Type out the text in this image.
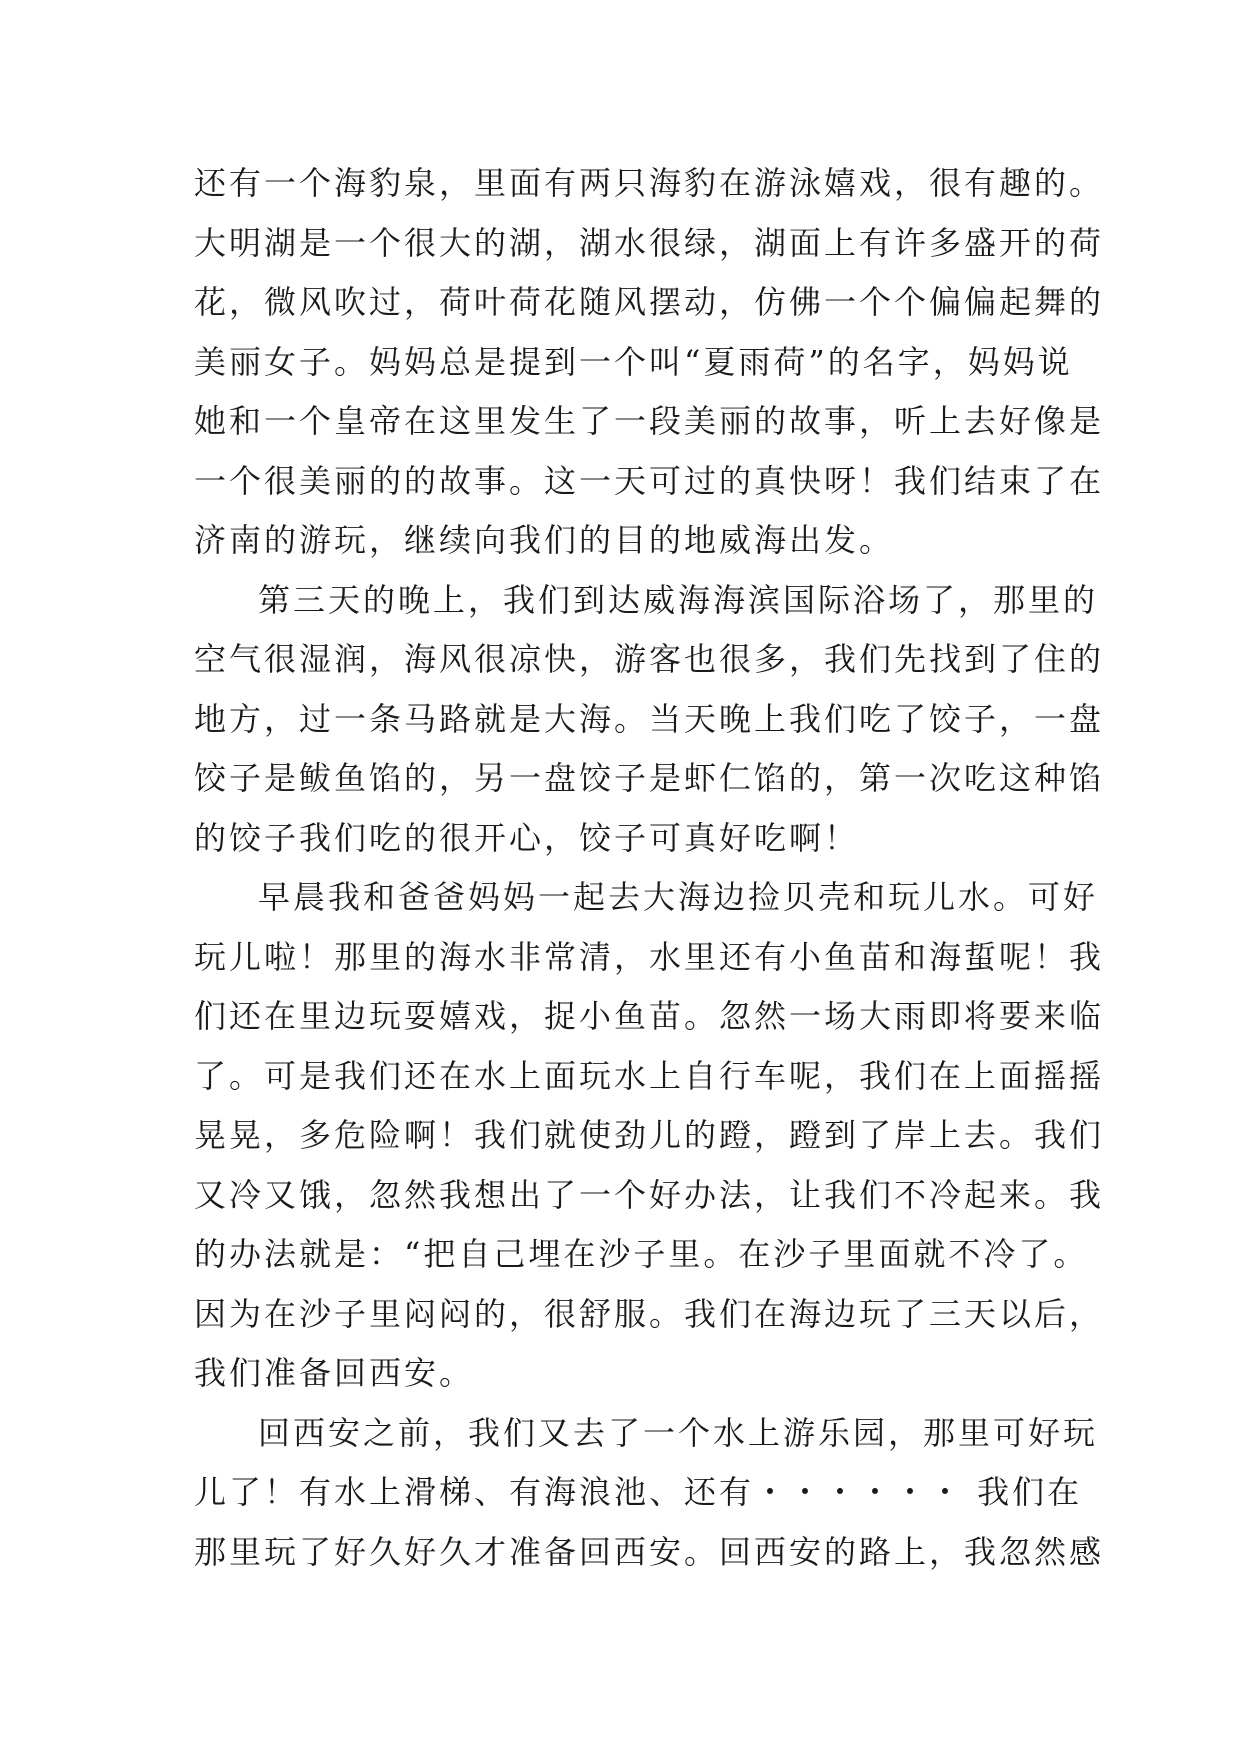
还有一个海豹泉，里面有两只海豹在游泳嬉戏，很有趣的。
大明湖是一个很大的湖，湖水很绿，湖面上有许多盛开的荷
花，微风吹过，荷叶荷花随风摆动，仿佛一个个偏偏起舞的
美丽女子。妈妈总是提到一个叫“夏雨荷”的名字，妈妈说
她和一个皇帝在这里发生了一段美丽的故事，听上去好像是
一个很美丽的的故事。这一天可过的真快呀！我们结束了在
济南的游玩，继续向我们的目的地威海出发。
第三天的晚上，我们到达威海海滨国际浴场了，那里的
空气很湿润，海风很凉快，游客也很多，我们先找到了住的
地方，过一条马路就是大海。当天晚上我们吃了饺子，一盘
饺子是鲅鱼馅的，另一盘饺子是虾仁馅的，第一次吃这种馅
的饺子我们吃的很开心，饺子可真好吃啊！
早晨我和爸爸妈妈一起去大海边捡贝壳和玩儿水。可好
玩儿啦！那里的海水非常清，水里还有小鱼苗和海蜇呢！我
们还在里边玩耍嬉戏，捉小鱼苗。忽然一场大雨即将要来临
了。可是我们还在水上面玩水上自行车呢，我们在上面摇摇
晃晃，多危险啊！我们就使劲儿的蹬，蹬到了岸上去。我们
又冷又饿，忽然我想出了一个好办法，让我们不冷起来。我
的办法就是：“把自己埋在沙子里。在沙子里面就不冷了。
因为在沙子里闷闷的，很舒服。我们在海边玩了三天以后，
我们准备回西安。
回西安之前，我们又去了一个水上游乐园，那里可好玩
儿了！有水上滑梯、有海浪池、还有・・・・・・ 我们在
那里玩了好久好久才准备回西安。回西安的路上，我忽然感
